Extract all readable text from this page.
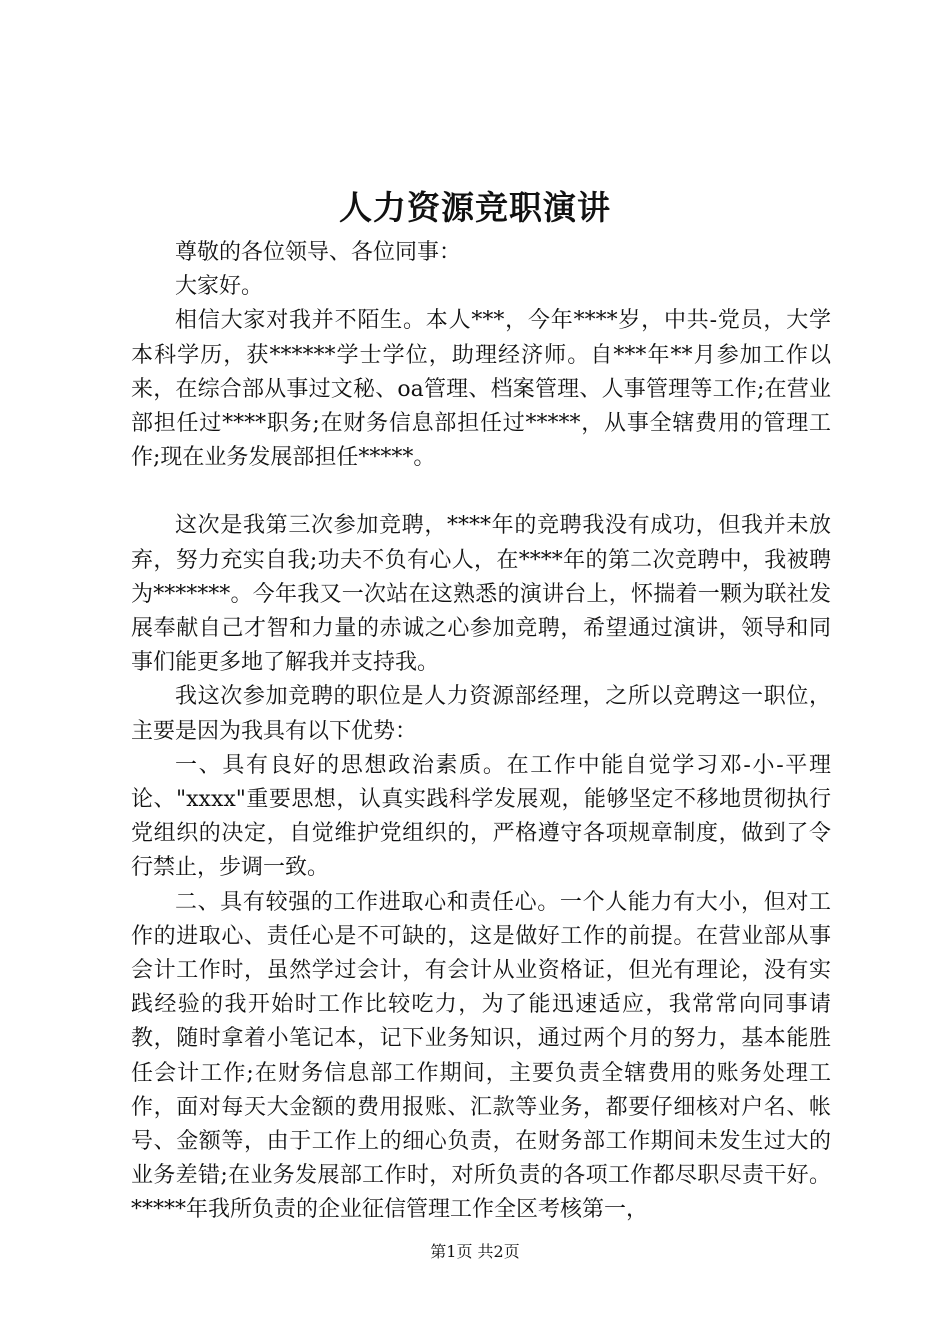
人力资源竞职演讲

尊敬的各位领导、各位同事：

大家好。

相信大家对我并不陌生。本人***，今年****岁，中共-党员，大学本科学历，获******学士学位，助理经济师。自***年**月参加工作以来，在综合部从事过文秘、oa管理、档案管理、人事管理等工作;在营业部担任过****职务;在财务信息部担任过*****，从事全辖费用的管理工作;现在业务发展部担任*****。

这次是我第三次参加竞聘，****年的竞聘我没有成功，但我并未放弃，努力充实自我;功夫不负有心人，在****年的第二次竞聘中，我被聘为*******。今年我又一次站在这熟悉的演讲台上，怀揣着一颗为联社发展奉献自己才智和力量的赤诚之心参加竞聘，希望通过演讲，领导和同事们能更多地了解我并支持我。

我这次参加竞聘的职位是人力资源部经理，之所以竞聘这一职位，主要是因为我具有以下优势：

一、具有良好的思想政治素质。在工作中能自觉学习邓-小-平理论、"xxxx"重要思想，认真实践科学发展观，能够坚定不移地贯彻执行党组织的决定，自觉维护党组织的，严格遵守各项规章制度，做到了令行禁止，步调一致。

二、具有较强的工作进取心和责任心。一个人能力有大小，但对工作的进取心、责任心是不可缺的，这是做好工作的前提。在营业部从事会计工作时，虽然学过会计，有会计从业资格证，但光有理论，没有实践经验的我开始时工作比较吃力，为了能迅速适应，我常常向同事请教，随时拿着小笔记本，记下业务知识，通过两个月的努力，基本能胜任会计工作;在财务信息部工作期间，主要负责全辖费用的账务处理工作，面对每天大金额的费用报账、汇款等业务，都要仔细核对户名、帐号、金额等，由于工作上的细心负责，在财务部工作期间未发生过大的业务差错;在业务发展部工作时，对所负责的各项工作都尽职尽责干好。*****年我所负责的企业征信管理工作全区考核第一，

第1页 共2页
